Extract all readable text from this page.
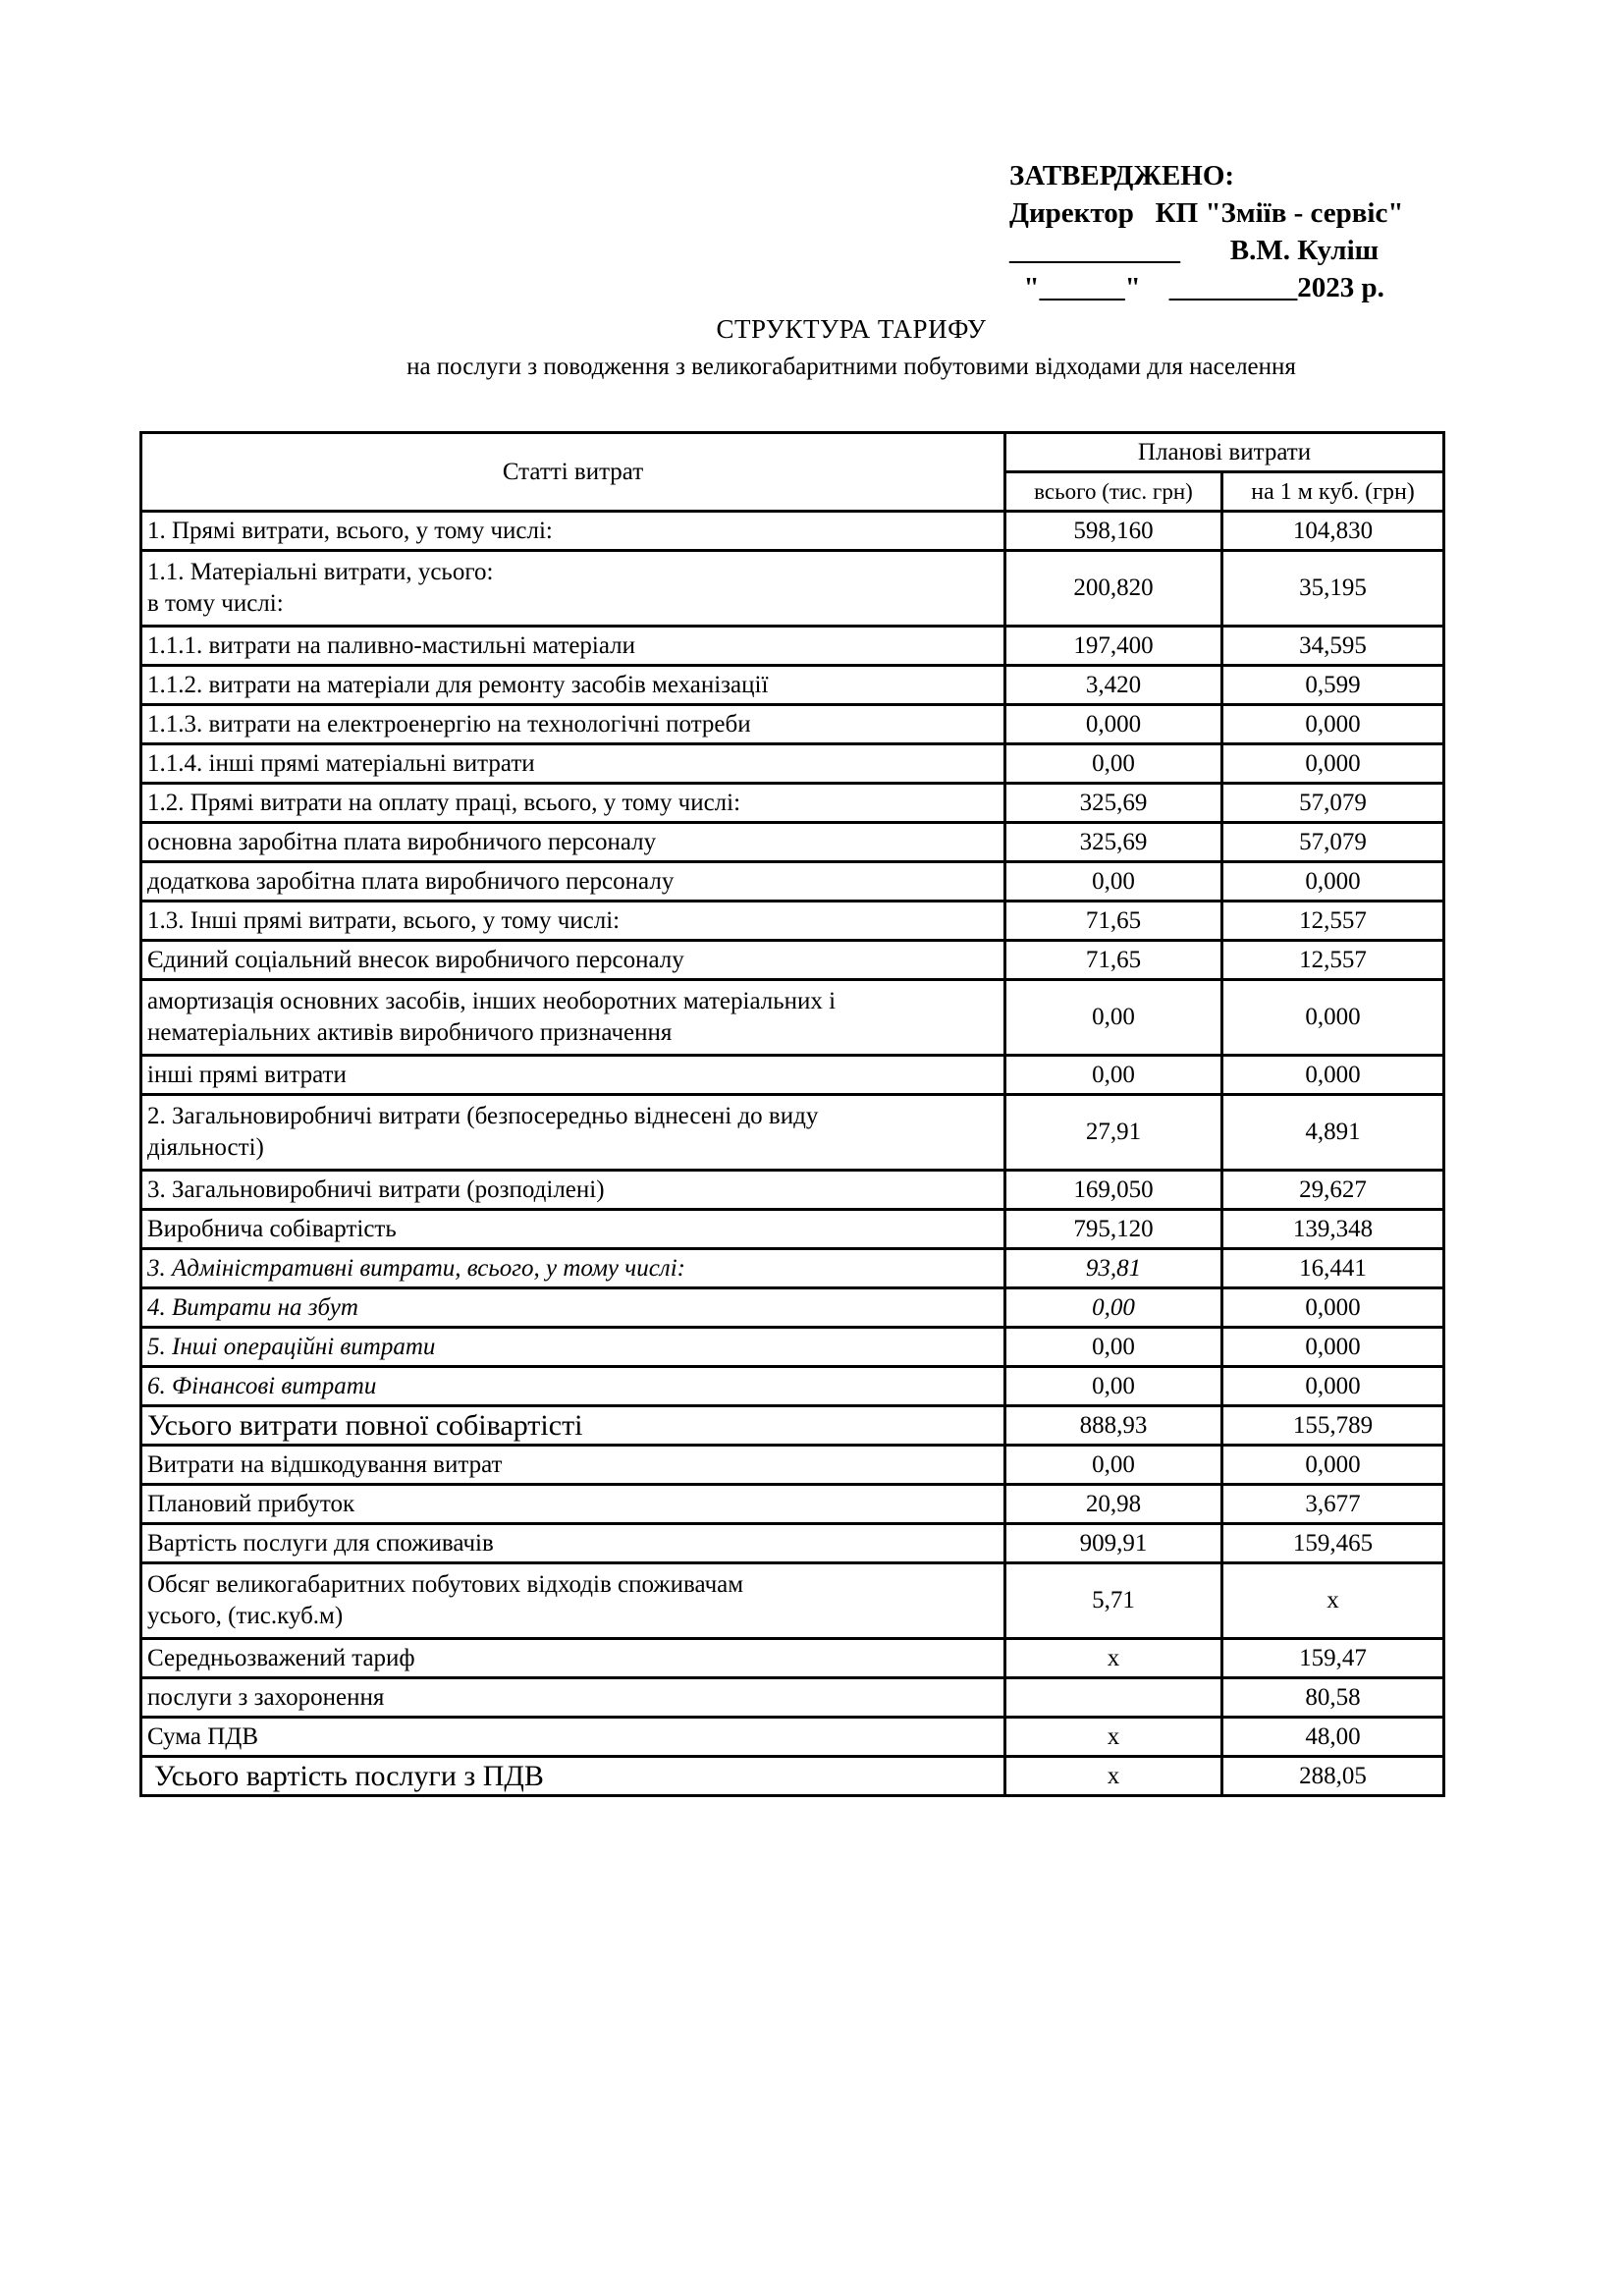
ЗАТВЕРДЖЕНО:
Директор   КП "Зміїв - сервіс"
____________       В.М. Куліш
"______"    _________2023 р.
СТРУКТУРА ТАРИФУ
на послуги з поводження з великогабаритними побутовими відходами для населення
Статті витрат	Планові витрати	
	всього (тис. грн)	на 1 м куб. (грн)
1. Прямі витрати, всього, у тому числі:	598,160	104,830

1.1. Матеріальні витрати, усього:
в тому числі:	200,820	35,195
1.1.1. витрати на паливно-мастильні матеріали	197,400	34,595
1.1.2. витрати на матеріали для ремонту засобів механізації	3,420	0,599
1.1.3. витрати на електроенергію на технологічні потреби	0,000	0,000
1.1.4. інші прямі матеріальні витрати	0,00	0,000
1.2. Прямі витрати на оплату праці, всього, у тому числі:	325,69	57,079
основна заробітна плата виробничого персоналу	325,69	57,079
додаткова заробітна плата виробничого персоналу	0,00	0,000
1.3. Інші прямі витрати, всього, у тому числі:	71,65	12,557
Єдиний соціальний внесок виробничого персоналу	71,65	12,557

амортизація основних засобів, інших необоротних матеріальних і
нематеріальних активів виробничого призначення	0,00	0,000
інші прямі витрати	0,00	0,000

2. Загальновиробничі витрати (безпосередньо віднесені до виду
діяльності)	27,91	4,891
3. Загальновиробничі витрати (розподілені)	169,050	29,627
Виробнича собівартість	795,120	139,348
3. Адміністративні витрати, всього, у тому числі:	93,81	16,441
4. Витрати на збут	0,00	0,000
5. Інші операційні витрати	0,00	0,000
6. Фінансові витрати	0,00	0,000
Усього витрати повної собівартісті	888,93	155,789
Витрати на відшкодування витрат	0,00	0,000
Плановий прибуток	20,98	3,677
Вартість послуги для споживачів	909,91	159,465

Обсяг великогабаритних побутових відходів споживачам
усього, (тис.куб.м)	5,71	х
Середньозважений тариф	х	159,47
послуги з захоронення		80,58
Сума ПДВ	х	48,00
Усього вартість послуги з ПДВ	х	288,05
